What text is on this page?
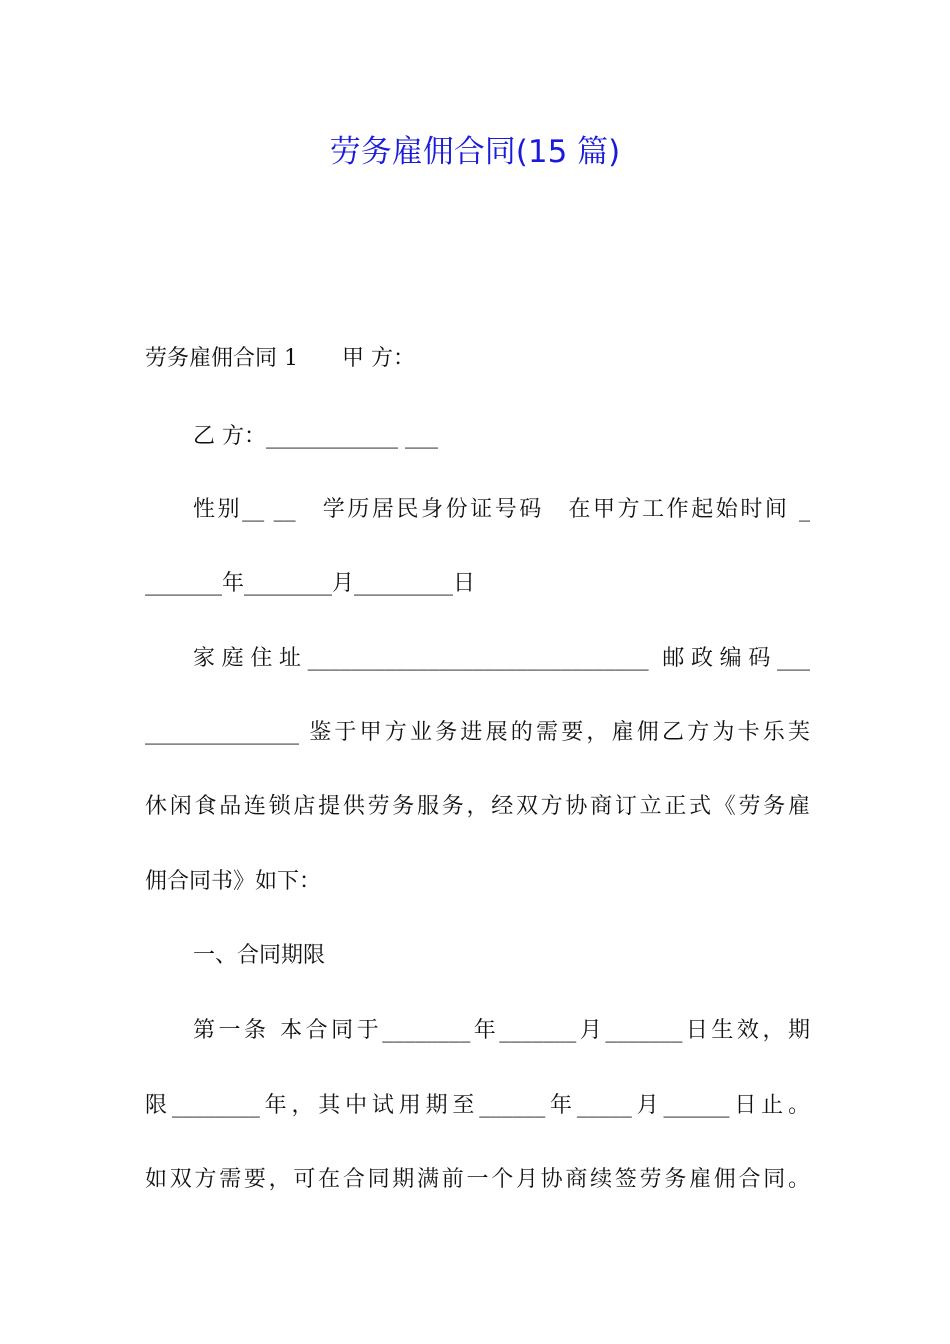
劳务雇佣合同(15 篇)
劳务雇佣合同 1　　甲 方：
乙 方：____________ ___
性别__ __　学历居民身份证号码　在甲方工作起始时间 _
_______年________月_________日
家庭住址_______________________________ 邮政编码___
______________ 鉴于甲方业务进展的需要，雇佣乙方为卡乐芙
休闲食品连锁店提供劳务服务，经双方协商订立正式《劳务雇
佣合同书》如下：
一、合同期限
第一条 本合同于________年_______月_______日生效，期
限________年，其中试用期至______年_____月______日止。
如双方需要，可在合同期满前一个月协商续签劳务雇佣合同。
